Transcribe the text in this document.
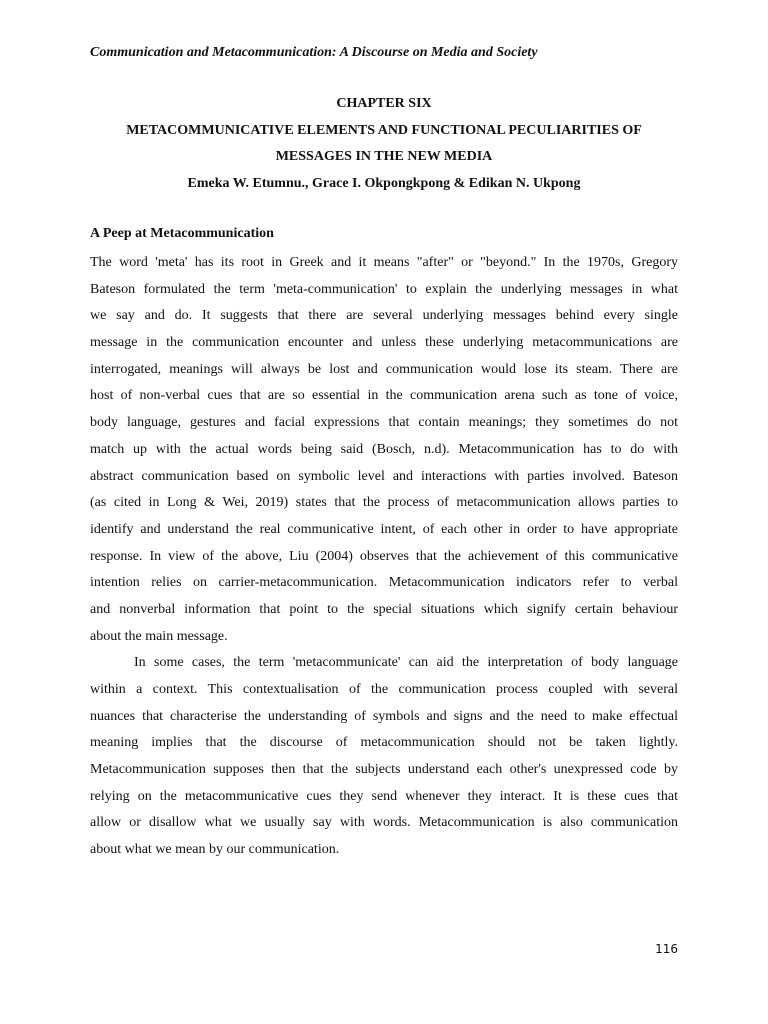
Communication and Metacommunication: A Discourse on Media and Society

CHAPTER SIX
METACOMMUNICATIVE ELEMENTS AND FUNCTIONAL PECULIARITIES OF
MESSAGES IN THE NEW MEDIA
Emeka W. Etumnu., Grace I. Okpongkpong & Edikan N. Ukpong

A Peep at Metacommunication

The word 'meta' has its root in Greek and it means "after" or "beyond." In the 1970s, Gregory
Bateson formulated the term 'meta-communication' to explain the underlying messages in what
we say and do. It suggests that there are several underlying messages behind every single
message in the communication encounter and unless these underlying metacommunications are
interrogated, meanings will always be lost and communication would lose its steam. There are
host of non-verbal cues that are so essential in the communication arena such as tone of voice,
body language, gestures and facial expressions that contain meanings; they sometimes do not
match up with the actual words being said (Bosch, n.d). Metacommunication has to do with
abstract communication based on symbolic level and interactions with parties involved. Bateson
(as cited in Long & Wei, 2019) states that the process of metacommunication allows parties to
identify and understand the real communicative intent, of each other in order to have appropriate
response. In view of the above, Liu (2004) observes that the achievement of this communicative
intention relies on carrier-metacommunication. Metacommunication indicators refer to verbal
and nonverbal information that point to the special situations which signify certain behaviour
about the main message.

In some cases, the term 'metacommunicate' can aid the interpretation of body language
within a context. This contextualisation of the communication process coupled with several
nuances that characterise the understanding of symbols and signs and the need to make effectual
meaning implies that the discourse of metacommunication should not be taken lightly.
Metacommunication supposes then that the subjects understand each other's unexpressed code by
relying on the metacommunicative cues they send whenever they interact. It is these cues that
allow or disallow what we usually say with words. Metacommunication is also communication
about what we mean by our communication.

116
